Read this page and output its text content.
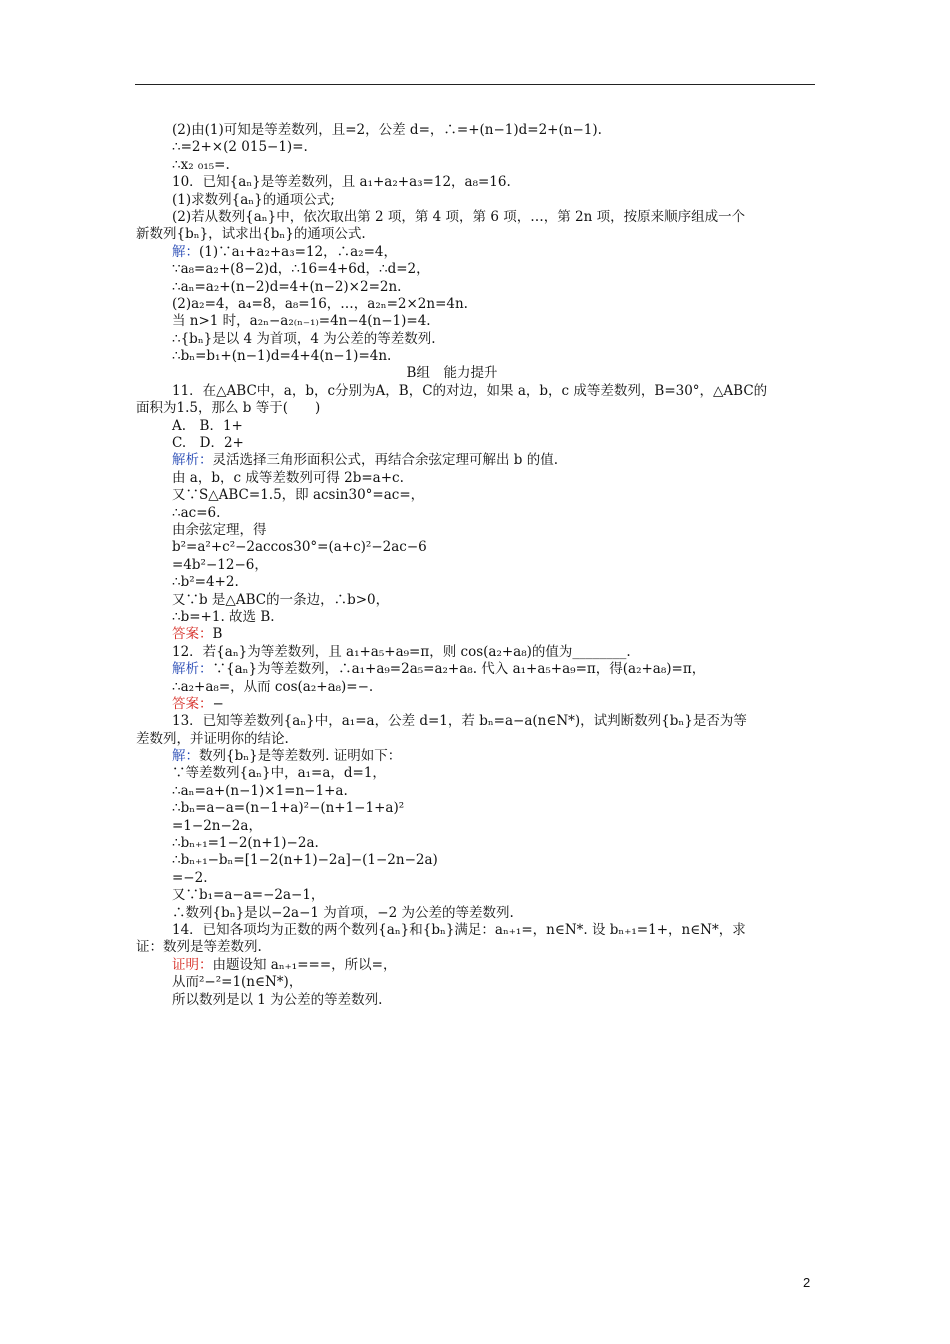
(2)由(1)可知是等差数列，且=2，公差 d=，∴=+(n−1)d=2+(n−1).
∴=2+×(2 015−1)=.
∴x₂ ₀₁₅=.
10．已知{aₙ}是等差数列，且 a₁+a₂+a₃=12，a₈=16.
(1)求数列{aₙ}的通项公式;
(2)若从数列{aₙ}中，依次取出第 2 项，第 4 项，第 6 项，…，第 2n 项，按原来顺序组成一个
新数列{bₙ}，试求出{bₙ}的通项公式.
解：(1)∵a₁+a₂+a₃=12，∴a₂=4，
∵a₈=a₂+(8−2)d，∴16=4+6d，∴d=2，
∴aₙ=a₂+(n−2)d=4+(n−2)×2=2n.
(2)a₂=4，a₄=8，a₈=16，…，a₂ₙ=2×2n=4n.
当 n>1 时，a₂ₙ−a₂₍ₙ₋₁₎=4n−4(n−1)=4.
∴{bₙ}是以 4 为首项，4 为公差的等差数列.
∴bₙ=b₁+(n−1)d=4+4(n−1)=4n.
B组　能力提升
11．在△ABC中，a，b，c分别为A，B，C的对边，如果 a，b，c 成等差数列，B=30°，△ABC的
面积为1.5，那么 b 等于(　　)
A.　B．1+
C.　D．2+
解析：灵活选择三角形面积公式，再结合余弦定理可解出 b 的值.
由 a，b，c 成等差数列可得 2b=a+c.
又∵S△ABC=1.5，即 acsin30°=ac=，
∴ac=6.
由余弦定理，得
b²=a²+c²−2accos30°=(a+c)²−2ac−6
=4b²−12−6，
∴b²=4+2.
又∵b 是△ABC的一条边，∴b>0，
∴b=+1. 故选 B.
答案：B
12．若{aₙ}为等差数列，且 a₁+a₅+a₉=π，则 cos(a₂+a₈)的值为________.
解析：∵{aₙ}为等差数列，∴a₁+a₉=2a₅=a₂+a₈. 代入 a₁+a₅+a₉=π，得(a₂+a₈)=π，
∴a₂+a₈=，从而 cos(a₂+a₈)=−.
答案：−
13．已知等差数列{aₙ}中，a₁=a，公差 d=1，若 bₙ=a−a(n∈N*)，试判断数列{bₙ}是否为等
差数列，并证明你的结论.
解：数列{bₙ}是等差数列. 证明如下：
∵等差数列{aₙ}中，a₁=a，d=1，
∴aₙ=a+(n−1)×1=n−1+a.
∴bₙ=a−a=(n−1+a)²−(n+1−1+a)²
=1−2n−2a，
∴bₙ₊₁=1−2(n+1)−2a.
∴bₙ₊₁−bₙ=[1−2(n+1)−2a]−(1−2n−2a)
=−2.
又∵b₁=a−a=−2a−1，
∴数列{bₙ}是以−2a−1 为首项，−2 为公差的等差数列.
14．已知各项均为正数的两个数列{aₙ}和{bₙ}满足：aₙ₊₁=，n∈N*. 设 bₙ₊₁=1+，n∈N*，求
证：数列是等差数列.
证明：由题设知 aₙ₊₁===，所以=，
从而²−²=1(n∈N*)，
所以数列是以 1 为公差的等差数列.
2
